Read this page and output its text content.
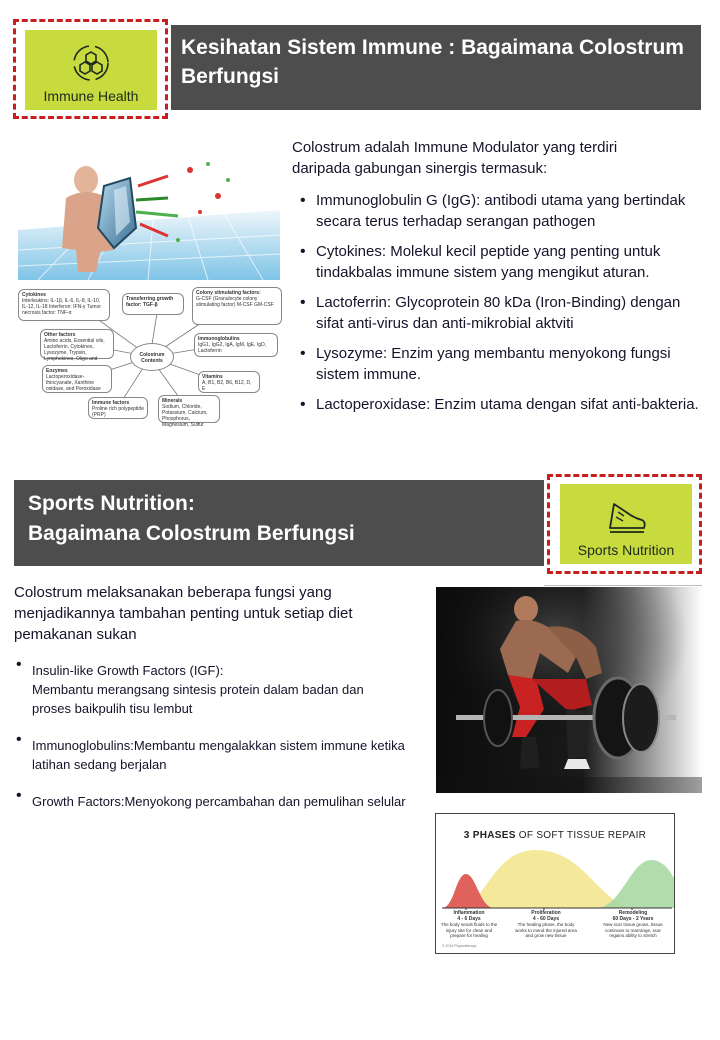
Immune Health
Kesihatan Sistem Immune : Bagaimana Colostrum
Berfungsi
Cytokines
Interleukins: IL-1β, IL-6, IL-8, IL-10, IL-12, IL-18 Interferon: IFN-γ Tumor necrosis factor: TNF-α
Transferring growth factor: TGF-β
Colony stimulating factors:
G-CSF (Granulocyte colony stimulating factor) M-CSF GM-CSF
Other factors
Amino acids, Essential oils, Lactoferrin, Cytokines, Lysozyme, Trypsin, Lymphokines, Oligo and
Colostrum Contents
Immunoglobulins
IgG1, IgG2, IgA, IgM, IgE, IgD, Lactoferrin
Enzymes
Lactoperoxidase-thiocyanate, Xanthine oxidase, and Peroxidase
Vitamins
A, B1, B2, B6, B12, D, E
Immune factors
Proline rich polypeptide (PRP)
Minerals
Sodium, Chloride, Potassium, Calcium, Phosphorus, Magnesium, Sulfur
Colostrum adalah Immune Modulator yang terdiri
daripada gabungan sinergis termasuk:
• Immunoglobulin G (IgG): antibodi utama yang bertindak
secara terus terhadap serangan pathogen
• Cytokines: Molekul kecil peptide yang penting untuk
tindakbalas immune sistem yang mengikut aturan.
• Lactoferrin: Glycoprotein 80 kDa (Iron-Binding) dengan
sifat anti-virus dan anti-mikrobial aktviti
• Lysozyme: Enzim yang membantu menyokong fungsi
sistem immune.
• Lactoperoxidase: Enzim utama dengan sifat anti-bakteria.
Sports Nutrition:
Bagaimana Colostrum Berfungsi
Sports Nutrition
Colostrum melaksanakan beberapa fungsi yang
menjadikannya tambahan penting untuk setiap diet
pemakanan sukan
• Insulin-like Growth Factors (IGF):
Membantu merangsang sintesis protein dalam badan dan
proses baikpulih tisu lembut
• Immunoglobulins:Membantu mengalakkan sistem immune ketika
latihan sedang berjalan
• Growth Factors:Menyokong percambahan dan pemulihan selular
3 PHASES OF SOFT TISSUE REPAIR
Inflammation
4 - 6 Days
The body sends fluids to the injury site for clean and prepare for healing
Proliferation
4 - 60 Days
The healing phase, the body works to mend the injured area and grow new tissue
Remodeling
60 Days - 2 Years
New scar tissue grows, tissue continues to rearrange, scar regains ability to stretch
© 2019 Physiotherapy
